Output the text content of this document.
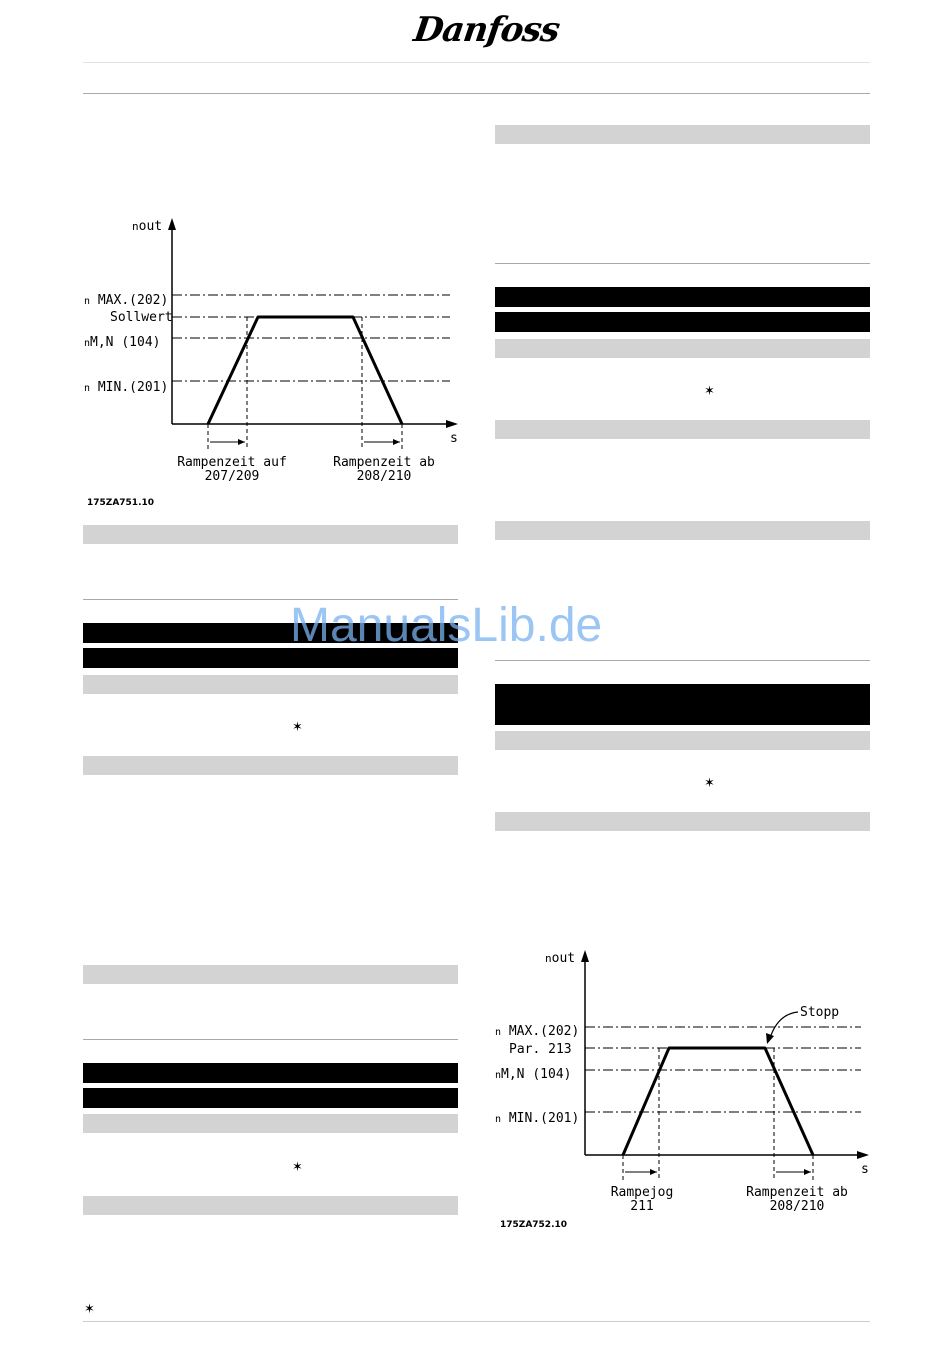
Danfoss
nout
n MAX.(202)
Sollwert
nM,N (104)
n MIN.(201)
s
Rampenzeit auf
207/209
Rampenzeit ab
208/210
175ZA751.10
✶
✶
✶
✶
nout
Stopp
n MAX.(202)
Par. 213
nM,N (104)
n MIN.(201)
s
Rampejog
211
Rampenzeit ab
208/210
175ZA752.10
✶
ManualsLib.de
